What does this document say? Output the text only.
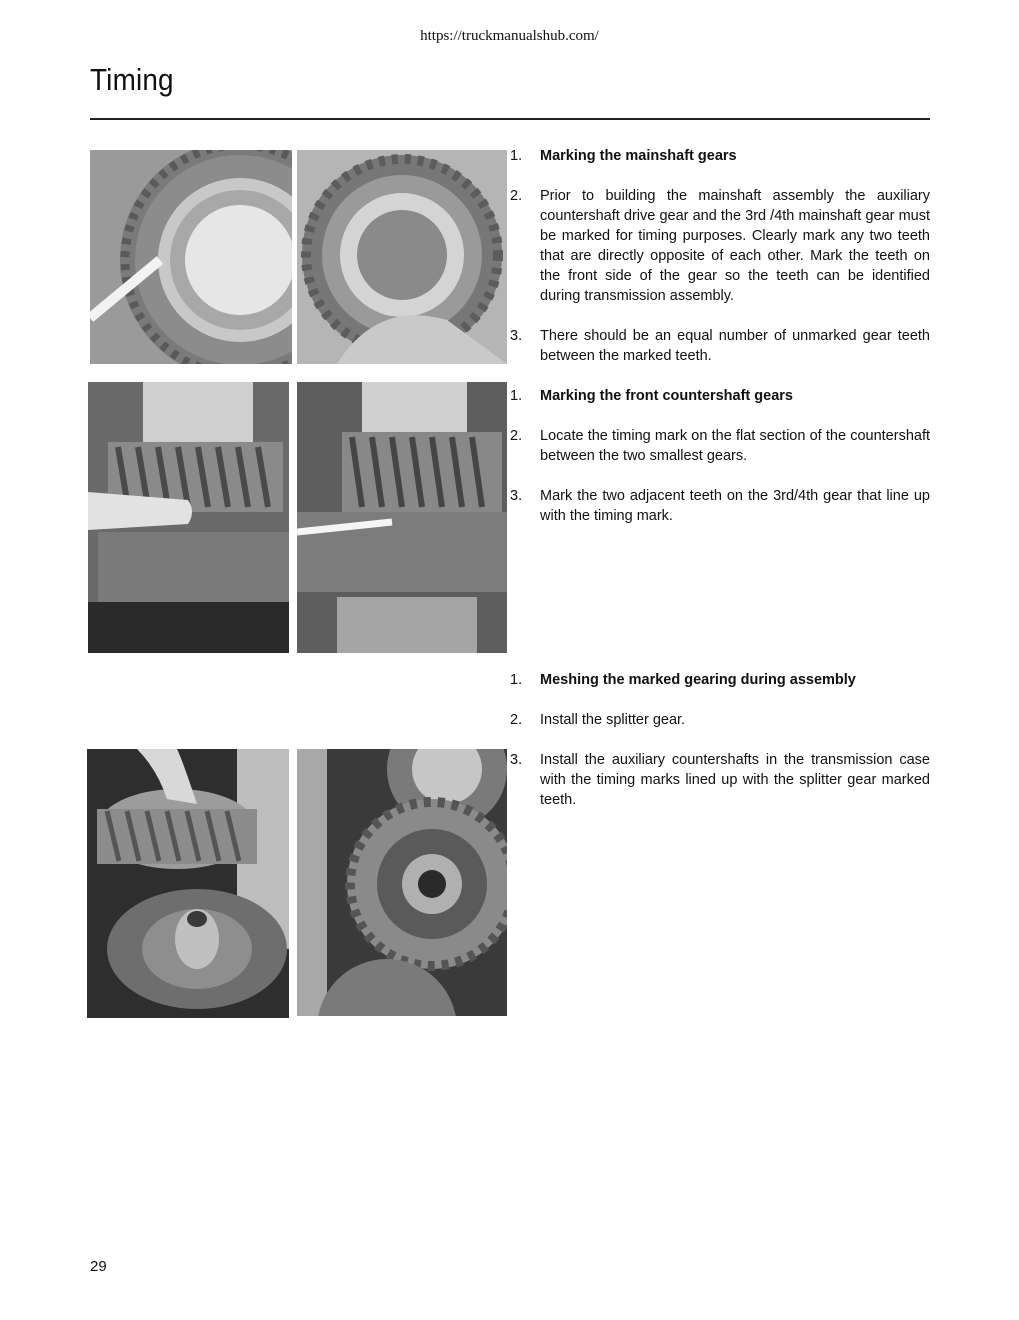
https://truckmanualshub.com/
Timing
1.	Marking the mainshaft gears
2.	Prior to building the mainshaft assembly the auxiliary countershaft drive gear and the 3rd /4th mainshaft gear must be marked for timing purposes. Clearly mark any two teeth that are directly opposite of each other. Mark the teeth on the front side of the gear so the teeth can be identified during transmission assembly.
3.	There should be an equal number of unmarked gear teeth between the marked teeth.
1.	Marking the front countershaft gears
2.	Locate the timing mark on the flat section of the countershaft between the two smallest gears.
3.	Mark the two adjacent teeth on the 3rd/4th gear that line up with the timing mark.
1.	Meshing the marked gearing during assembly
2.	Install the splitter gear.
3.	Install the auxiliary countershafts in the transmission case with the timing marks lined up with the splitter gear marked teeth.
29
